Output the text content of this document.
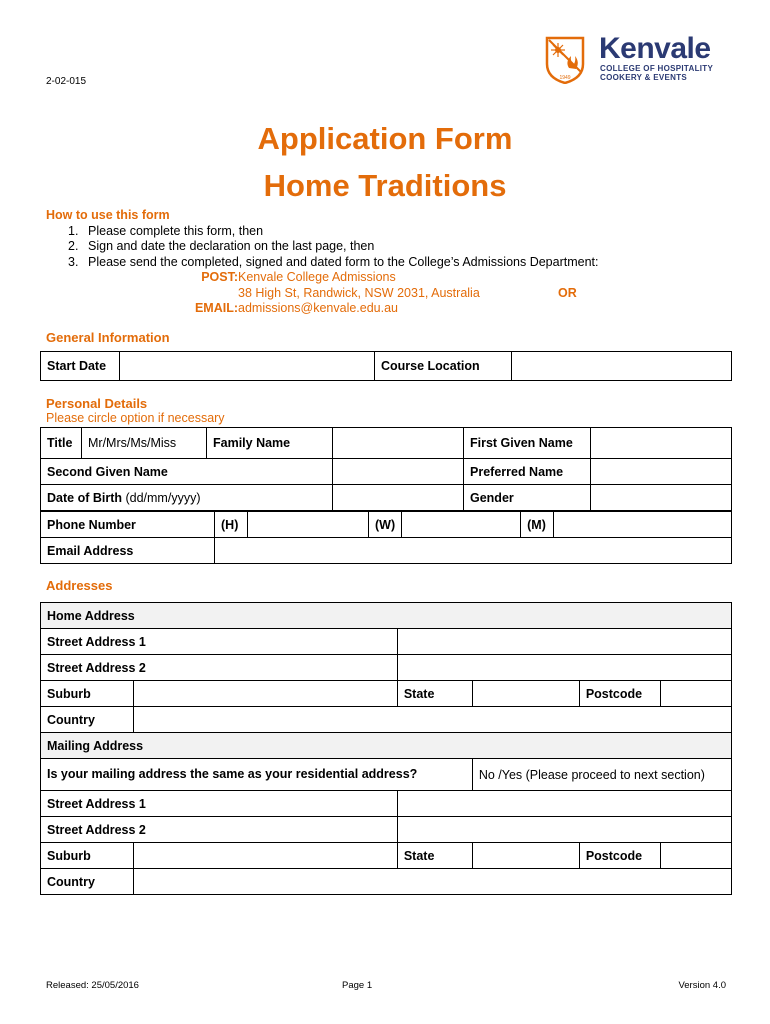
2-02-015	1949
Kenvale
COLLEGE OF HOSPITALITY
COOKERY & EVENTS
Application Form
Home Traditions
How to use this form
1. Please complete this form, then
2. Sign and date the declaration on the last page, then
3. Please send the completed, signed and dated form to the College’s Admissions Department:
POST: Kenvale College Admissions
38 High St, Randwick, NSW 2031, Australia
EMAIL: admissions@kenvale.edu.au
OR
General Information
Start Date		Course Location	
Personal Details
Please circle option if necessary
Title	Mr/Mrs/Ms/Miss	Family Name		First Given Name	
Second Given Name				Preferred Name	
Date of Birth (dd/mm/yyyy)				Gender	
Phone Number	(H)		(W)		(M)	
Email Address						
Addresses
Home Address
Street Address 1	
Street Address 2	
Suburb		State			Postcode	

Country	
Mailing Address
Is your mailing address the same as your residential address?	No /Yes (Please proceed to next section)
Street Address 1	
Street Address 2	
Suburb		State			Postcode	

Country	
Released: 25/05/2016	Page 1	Version 4.0
